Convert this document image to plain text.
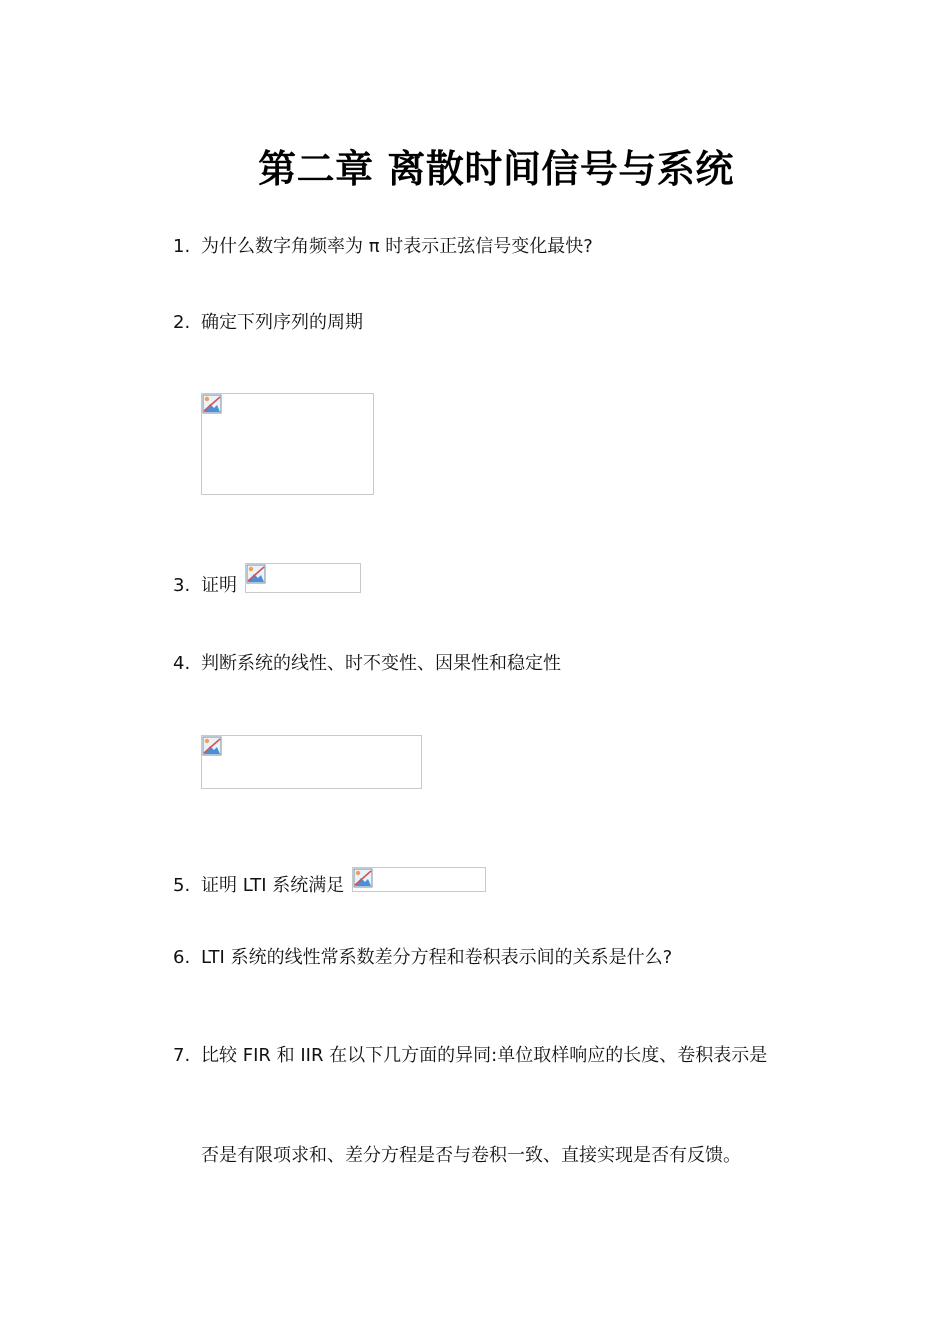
第二章 离散时间信号与系统
1. 为什么数字角频率为 π 时表示正弦信号变化最快?
2. 确定下列序列的周期
3. 证明
4. 判断系统的线性、时不变性、因果性和稳定性
5. 证明 LTI 系统满足
6. LTI 系统的线性常系数差分方程和卷积表示间的关系是什么?
7. 比较 FIR 和 IIR 在以下几方面的异同:单位取样响应的长度、卷积表示是
否是有限项求和、差分方程是否与卷积一致、直接实现是否有反馈。
